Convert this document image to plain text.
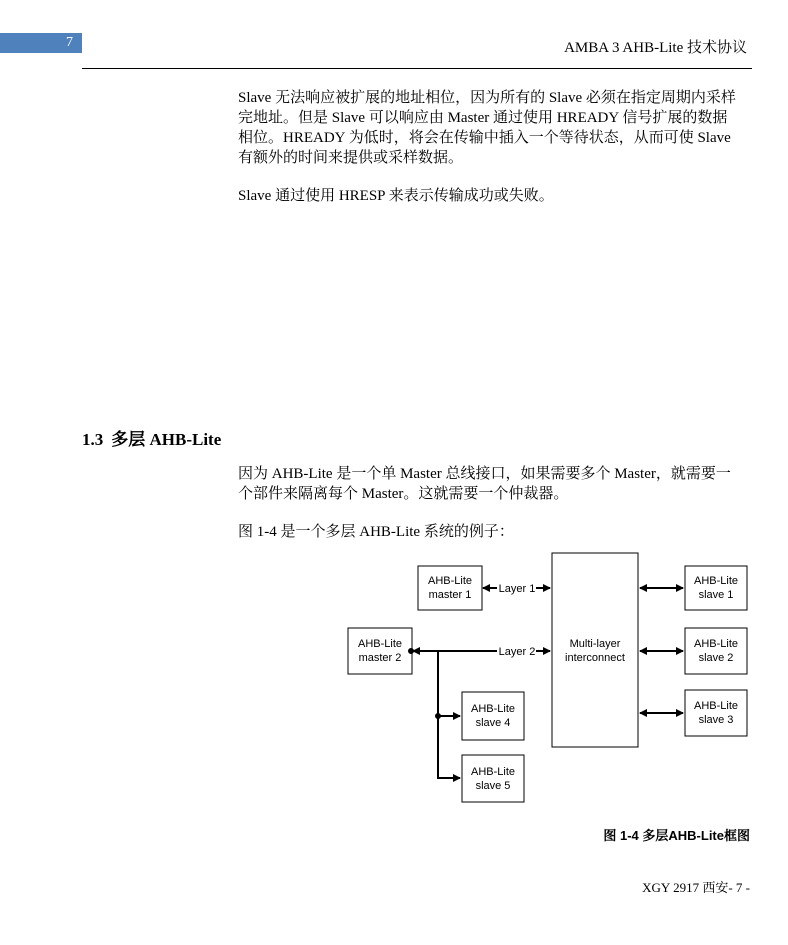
7	AMBA 3 AHB-Lite 技术协议
Slave 无法响应被扩展的地址相位，因为所有的 Slave 必须在指定周期内采样
完地址。但是 Slave 可以响应由 Master 通过使用 HREADY 信号扩展的数据
相位。HREADY 为低时，将会在传输中插入一个等待状态，从而可使 Slave
有额外的时间来提供或采样数据。
Slave 通过使用 HRESP 来表示传输成功或失败。
1.3 多层 AHB-Lite
因为 AHB-Lite 是一个单 Master 总线接口，如果需要多个 Master，就需要一
个部件来隔离每个 Master。这就需要一个仲裁器。
图 1-4 是一个多层 AHB-Lite 系统的例子：
AHB-Lite
master 1
AHB-Lite
master 2
Multi-layer
interconnect
AHB-Lite
slave 1
AHB-Lite
slave 2
AHB-Lite
slave 3
AHB-Lite
slave 4
AHB-Lite
slave 5
Layer 1
Layer 2
图 1-4 多层AHB-Lite框图
XGY 2917 西安- 7 -
